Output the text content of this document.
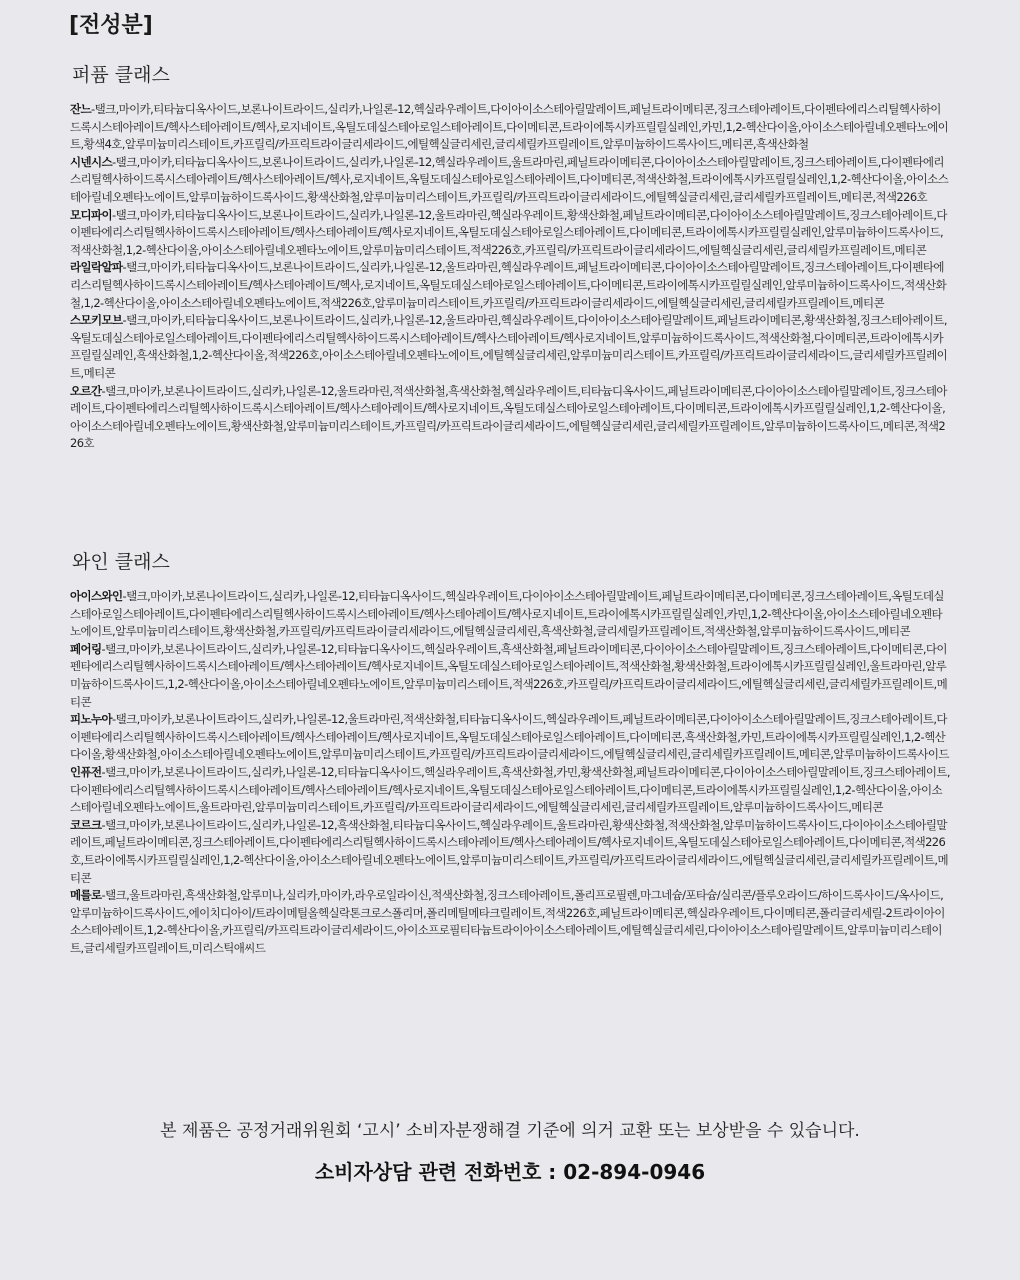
[전성분]
퍼퓸 클래스

잔느-탤크,마이카,티타늄디옥사이드,보론나이트라이드,실리카,나일론-12,헥실라우레이트,다이아이소스테아릴말레이트,페닐트라이메티콘,징크스테아레이트,다이펜타에리스리틸헥사하이드록시스테아레이트/헥사스테아레이트/헥사,로지네이트,옥틸도데실스테아로일스테아레이트,다이메티콘,트라이에톡시카프릴릴실레인,카민,1,2-헥산다이올,아이소스테아릴네오펜타노에이트,황색4호,알루미늄미리스테이트,카프릴릭/카프릭트라이글리세라이드,에틸헥실글리세린,글리세릴카프릴레이트,알루미늄하이드록사이드,메티콘,흑색산화철

시넨시스-탤크,마이카,티타늄디옥사이드,보론나이트라이드,실리카,나일론-12,헥실라우레이트,울트라마린,페닐트라이메티콘,다이아이소스테아릴말레이트,징크스테아레이트,다이펜타에리스리틸헥사하이드록시스테아레이트/헥사스테아레이트/헥사,로지네이트,옥틸도데실스테아로일스테아레이트,다이메티콘,적색산화철,트라이에톡시카프릴릴실레인,1,2-헥산다이올,아이소스테아릴네오펜타노에이트,알루미늄하이드록사이드,황색산화철,알루미늄미리스테이트,카프릴릭/카프릭트라이글리세라이드,에틸헥실글리세린,글리세릴카프릴레이트,메티콘,적색226호

모디파이-탤크,마이카,티타늄디옥사이드,보론나이트라이드,실리카,나일론-12,울트라마린,헥실라우레이트,황색산화철,페닐트라이메티콘,다이아이소스테아릴말레이트,징크스테아레이트,다이펜타에리스리틸헥사하이드록시스테아레이트/헥사스테아레이트/헥사로지네이트,옥틸도데실스테아로일스테아레이트,다이메티콘,트라이에톡시카프릴릴실레인,알루미늄하이드록사이드,적색산화철,1,2-헥산다이올,아이소스테아릴네오펜타노에이트,알루미늄미리스테이트,적색226호,카프릴릭/카프릭트라이글리세라이드,에틸헥실글리세린,글리세릴카프릴레이트,메티콘

라일락알파-탤크,마이카,티타늄디옥사이드,보론나이트라이드,실리카,나일론-12,울트라마린,헥실라우레이트,페닐트라이메티콘,다이아이소스테아릴말레이트,징크스테아레이트,다이펜타에리스리틸헥사하이드록시스테아레이트/헥사스테아레이트/헥사,로지네이트,옥틸도데실스테아로일스테아레이트,다이메티콘,트라이에톡시카프릴릴실레인,알루미늄하이드록사이드,적색산화철,1,2-헥산다이올,아이소스테아릴네오펜타노에이트,적색226호,알루미늄미리스테이트,카프릴릭/카프릭트라이글리세라이드,에틸헥실글리세린,글리세릴카프릴레이트,메티콘

스모키모브-탤크,마이카,티타늄디옥사이드,보론나이트라이드,실리카,나일론-12,울트라마린,헥실라우레이트,다이아이소스테아릴말레이트,페닐트라이메티콘,황색산화철,징크스테아레이트,옥틸도데실스테아로일스테아레이트,다이펜타에리스리틸헥사하이드록시스테아레이트/헥사스테아레이트/헥사로지네이트,알루미늄하이드록사이드,적색산화철,다이메티콘,트라이에톡시카프릴릴실레인,흑색산화철,1,2-헥산다이올,적색226호,아이소스테아릴네오펜타노에이트,에틸헥실글리세린,알루미늄미리스테이트,카프릴릭/카프릭트라이글리세라이드,글리세릴카프릴레이트,메티콘

오르간-탤크,마이카,보론나이트라이드,실리카,나일론-12,울트라마린,적색산화철,흑색산화철,헥실라우레이트,티타늄디옥사이드,페닐트라이메티콘,다이아이소스테아릴말레이트,징크스테아레이트,다이펜타에리스리틸헥사하이드록시스테아레이트/헥사스테아레이트/헥사로지네이트,옥틸도데실스테아로일스테아레이트,다이메티콘,트라이에톡시카프릴릴실레인,1,2-헥산다이올,아이소스테아릴네오펜타노에이트,황색산화철,알루미늄미리스테이트,카프릴릭/카프릭트라이글리세라이드,에틸헥실글리세린,글리세릴카프릴레이트,알루미늄하이드록사이드,메티콘,적색226호

와인 클래스

아이스와인-탤크,마이카,보론나이트라이드,실리카,나일론-12,티타늄디옥사이드,헥실라우레이트,다이아이소스테아릴말레이트,페닐트라이메티콘,다이메티콘,징크스테아레이트,옥틸도데실스테아로일스테아레이트,다이펜타에리스리틸헥사하이드록시스테아레이트/헥사스테아레이트/헥사로지네이트,트라이에톡시카프릴릴실레인,카민,1,2-헥산다이올,아이소스테아릴네오펜타노에이트,알루미늄미리스테이트,황색산화철,카프릴릭/카프릭트라이글리세라이드,에틸헥실글리세린,흑색산화철,글리세릴카프릴레이트,적색산화철,알루미늄하이드록사이드,메티콘

페어링-탤크,마이카,보론나이트라이드,실리카,나일론-12,티타늄디옥사이드,헥실라우레이트,흑색산화철,페닐트라이메티콘,다이아이소스테아릴말레이트,징크스테아레이트,다이메티콘,다이펜타에리스리틸헥사하이드록시스테아레이트/헥사스테아레이트/헥사로지네이트,옥틸도데실스테아로일스테아레이트,적색산화철,황색산화철,트라이에톡시카프릴릴실레인,울트라마린,알루미늄하이드록사이드,1,2-헥산다이올,아이소스테아릴네오펜타노에이트,알루미늄미리스테이트,적색226호,카프릴릭/카프릭트라이글리세라이드,에틸헥실글리세린,글리세릴카프릴레이트,메티콘

피노누아-탤크,마이카,보론나이트라이드,실리카,나일론-12,울트라마린,적색산화철,티타늄디옥사이드,헥실라우레이트,페닐트라이메티콘,다이아이소스테아릴말레이트,징크스테아레이트,다이펜타에리스리틸헥사하이드록시스테아레이트/헥사스테아레이트/헥사로지네이트,옥틸도데실스테아로일스테아레이트,다이메티콘,흑색산화철,카민,트라이에톡시카프릴릴실레인,1,2-헥산다이올,황색산화철,아이소스테아릴네오펜타노에이트,알루미늄미리스테이트,카프릴릭/카프릭트라이글리세라이드,에틸헥실글리세린,글리세릴카프릴레이트,메티콘,알루미늄하이드록사이드

인퓨전-탤크,마이카,보론나이트라이드,실리카,나일론-12,티타늄디옥사이드,헥실라우레이트,흑색산화철,카민,황색산화철,페닐트라이메티콘,다이아이소스테아릴말레이트,징크스테아레이트,다이펜타에리스리틸헥사하이드록시스테아레이트/헥사스테아레이트/헥사로지네이트,옥틸도데실스테아로일스테아레이트,다이메티콘,트라이에톡시카프릴릴실레인,1,2-헥산다이올,아이소스테아릴네오펜타노에이트,울트라마린,알루미늄미리스테이트,카프릴릭/카프릭트라이글리세라이드,에틸헥실글리세린,글리세릴카프릴레이트,알루미늄하이드록사이드,메티콘

코르크-탤크,마이카,보론나이트라이드,실리카,나일론-12,흑색산화철,티타늄디옥사이드,헥실라우레이트,울트라마린,황색산화철,적색산화철,알루미늄하이드록사이드,다이아이소스테아릴말레이트,페닐트라이메티콘,징크스테아레이트,다이펜타에리스리틸헥사하이드록시스테아레이트/헥사스테아레이트/헥사로지네이트,옥틸도데실스테아로일스테아레이트,다이메티콘,적색226호,트라이에톡시카프릴릴실레인,1,2-헥산다이올,아이소스테아릴네오펜타노에이트,알루미늄미리스테이트,카프릴릭/카프릭트라이글리세라이드,에틸헥실글리세린,글리세릴카프릴레이트,메티콘

메를로-탤크,울트라마린,흑색산화철,알루미나,실리카,마이카,라우로일라이신,적색산화철,징크스테아레이트,폴리프로필렌,마그네슘/포타슘/실리콘/플루오라이드/하이드록사이드/옥사이드,알루미늄하이드록사이드,에이치디아이/트라이메틸올헥실락톤크로스폴리머,폴리메틸메타크릴레이트,적색226호,페닐트라이메티콘,헥실라우레이트,다이메티콘,폴리글리세릴-2트라이아이소스테아레이트,1,2-헥산다이올,카프릴릭/카프릭트라이글리세라이드,아이소프로필티타늄트라이아이소스테아레이트,에틸헥실글리세린,다이아이소스테아릴말레이트,알루미늄미리스테이트,글리세릴카프릴레이트,미리스틱애씨드

본 제품은 공정거래위원회 ‘고시’ 소비자분쟁해결 기준에 의거 교환 또는 보상받을 수 있습니다.

소비자상담 관련 전화번호 : 02-894-0946
